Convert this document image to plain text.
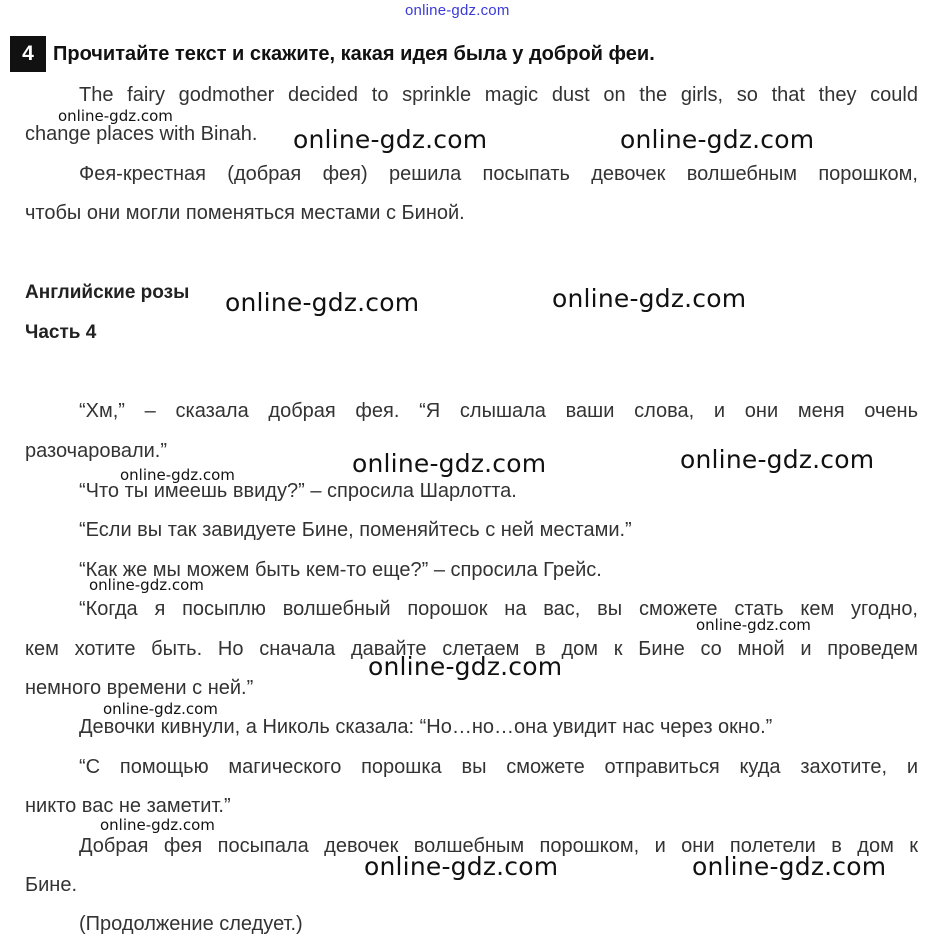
online-gdz.com
4 Прочитайте текст и скажите, какая идея была у доброй феи.
The fairy godmother decided to sprinkle magic dust on the girls, so that they could
change places with Binah.
Фея-крестная (добрая фея) решила посыпать девочек волшебным порошком,
чтобы они могли поменяться местами с Биной.
Английские розы
Часть 4
“Хм,” – сказала добрая фея. “Я слышала ваши слова, и они меня очень
разочаровали.”
“Что ты имеешь ввиду?” – спросила Шарлотта.
“Если вы так завидуете Бине, поменяйтесь с ней местами.”
“Как же мы можем быть кем-то еще?” – спросила Грейс.
“Когда я посыплю волшебный порошок на вас, вы сможете стать кем угодно,
кем хотите быть. Но сначала давайте слетаем в дом к Бине со мной и проведем
немного времени с ней.”
Девочки кивнули, а Николь сказала: “Но…но…она увидит нас через окно.”
“С помощью магического порошка вы сможете отправиться куда захотите, и
никто вас не заметит.”
Добрая фея посыпала девочек волшебным порошком, и они полетели в дом к
Бине.
(Продолжение следует.)
online-gdz.com
online-gdz.com	online-gdz.com
online-gdz.com	online-gdz.com
online-gdz.com	online-gdz.com
online-gdz.com
online-gdz.com
online-gdz.com
online-gdz.com
online-gdz.com
online-gdz.com
online-gdz.com	online-gdz.com
